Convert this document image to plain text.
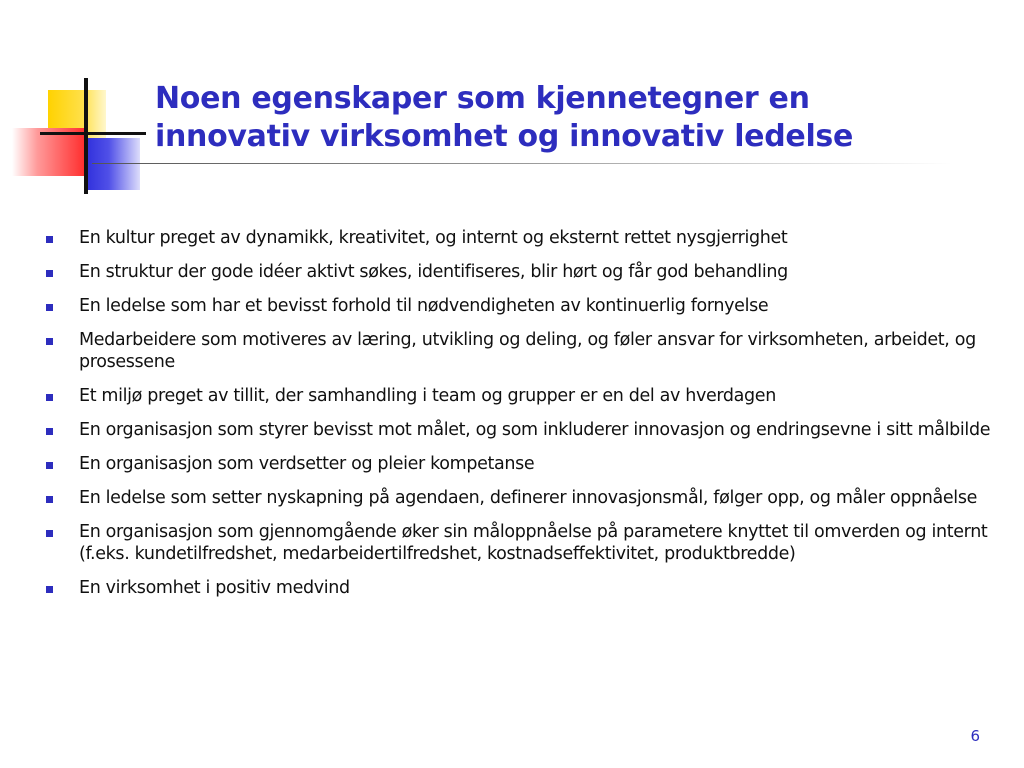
Noen egenskaper som kjennetegner en
innovativ virksomhet og innovativ ledelse
En kultur preget av dynamikk, kreativitet, og internt og eksternt rettet nysgjerrighet
En struktur der gode idéer aktivt søkes, identifiseres, blir hørt og får god behandling
En ledelse som har et bevisst forhold til nødvendigheten av kontinuerlig fornyelse
Medarbeidere som motiveres av læring, utvikling og deling, og føler ansvar for virksomheten, arbeidet, og prosessene
Et miljø preget av tillit, der samhandling i team og grupper er en del av hverdagen
En organisasjon som styrer bevisst mot målet, og som inkluderer innovasjon og endringsevne i sitt målbilde
En organisasjon som verdsetter og pleier kompetanse
En ledelse som setter nyskapning på agendaen, definerer innovasjonsmål, følger opp, og måler oppnåelse
En organisasjon som gjennomgående øker sin måloppnåelse på parametere knyttet til omverden og internt (f.eks. kundetilfredshet, medarbeidertilfredshet, kostnadseffektivitet, produktbredde)
En virksomhet i positiv medvind
6
